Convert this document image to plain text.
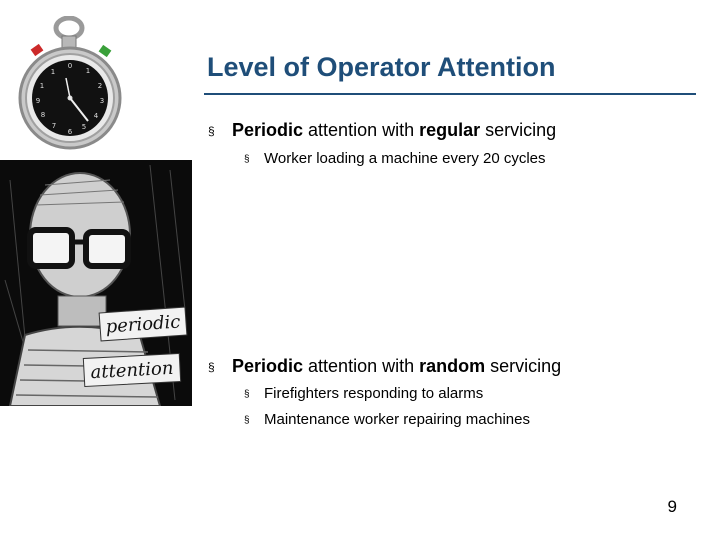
0
1
2
3
4
5
6
7
8
9
1
1
periodic
attention
Level of Operator Attention
§ Periodic attention with regular servicing
§ Worker loading a machine every 20 cycles
§ Periodic attention with random servicing
§ Firefighters responding to alarms
§ Maintenance worker repairing machines
9
